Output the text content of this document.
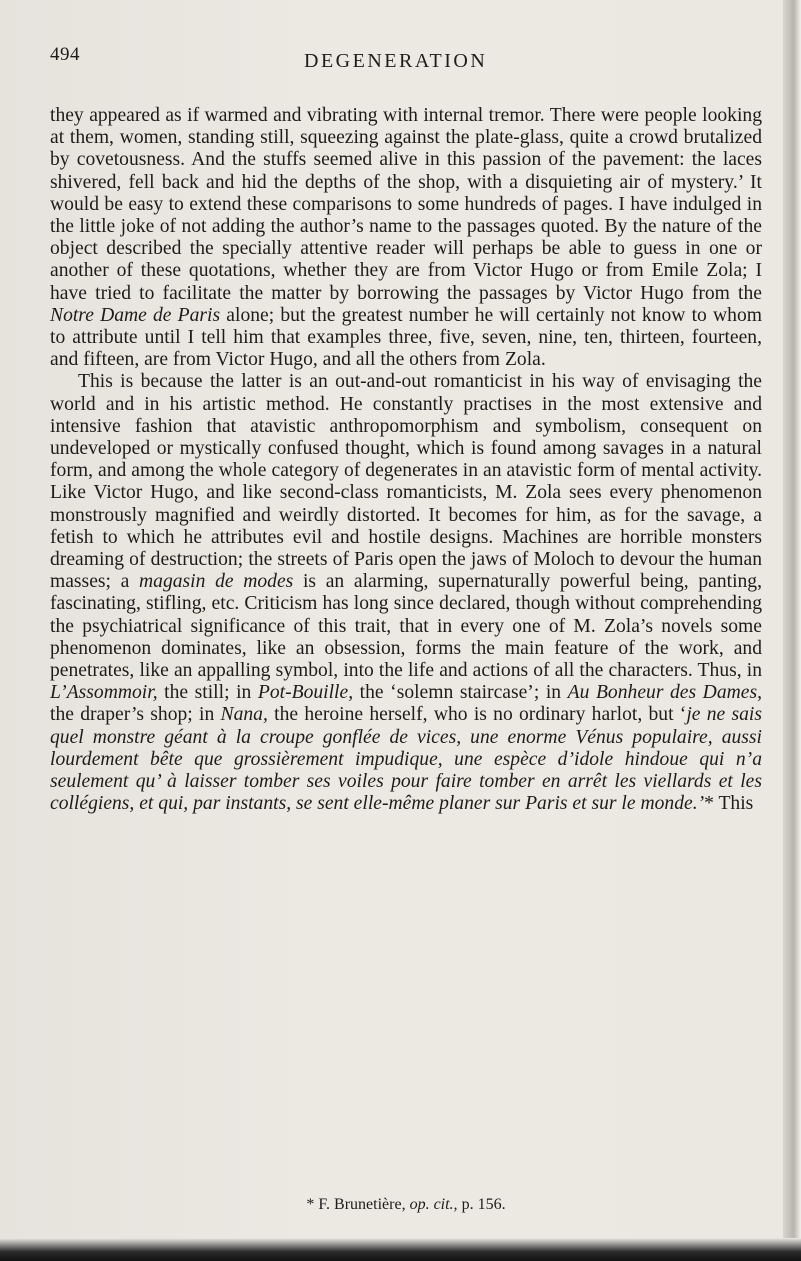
494	DEGENERATION

they appeared as if warmed and vibrating with internal tremor. There were people looking at them, women, standing still, squeezing against the plate-glass, quite a crowd brutalized by covetousness. And the stuffs seemed alive in this passion of the pavement: the laces shivered, fell back and hid the depths of the shop, with a disquieting air of mystery.’ It would be easy to extend these comparisons to some hundreds of pages. I have indulged in the little joke of not adding the author’s name to the passages quoted. By the nature of the object described the specially attentive reader will perhaps be able to guess in one or another of these quotations, whether they are from Victor Hugo or from Emile Zola; I have tried to facilitate the matter by borrowing the passages by Victor Hugo from the Notre Dame de Paris alone; but the greatest number he will certainly not know to whom to attribute until I tell him that examples three, five, seven, nine, ten, thirteen, fourteen, and fifteen, are from Victor Hugo, and all the others from Zola.

This is because the latter is an out-and-out romanticist in his way of envisaging the world and in his artistic method. He constantly practises in the most extensive and intensive fashion that atavistic anthropomorphism and symbolism, consequent on undeveloped or mystically confused thought, which is found among savages in a natural form, and among the whole category of degenerates in an atavistic form of mental activity. Like Victor Hugo, and like second-class romanticists, M. Zola sees every phenomenon monstrously magnified and weirdly distorted. It becomes for him, as for the savage, a fetish to which he attributes evil and hostile designs. Machines are horrible monsters dreaming of destruction; the streets of Paris open the jaws of Moloch to devour the human masses; a magasin de modes is an alarming, supernaturally powerful being, panting, fascinating, stifling, etc. Criticism has long since declared, though without comprehending the psychiatrical significance of this trait, that in every one of M. Zola’s novels some phenomenon dominates, like an obsession, forms the main feature of the work, and penetrates, like an appalling symbol, into the life and actions of all the characters. Thus, in L’Assommoir, the still; in Pot-Bouille, the ‘solemn staircase’; in Au Bonheur des Dames, the draper’s shop; in Nana, the heroine herself, who is no ordinary harlot, but ‘je ne sais quel monstre géant à la croupe gonflée de vices, une enorme Vénus populaire, aussi lourdement bête que grossièrement impudique, une espèce d’idole hindoue qui n’a seulement qu’ à laisser tomber ses voiles pour faire tomber en arrêt les viellards et les collégiens, et qui, par instants, se sent elle-même planer sur Paris et sur le monde.’* This

* F. Brunetière, op. cit., p. 156.
